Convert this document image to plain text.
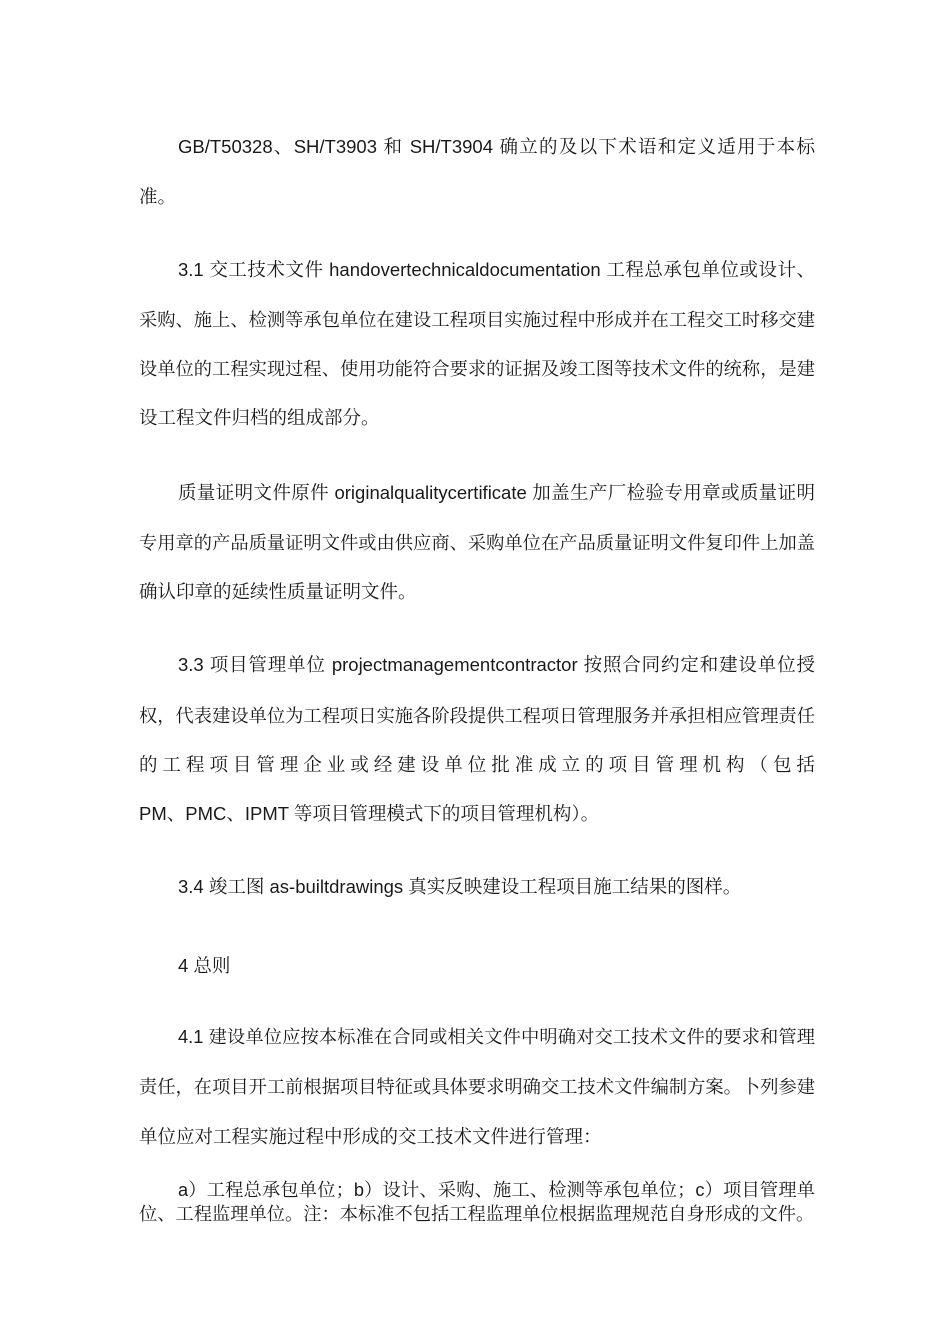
GB/T50328、SH/T3903 和 SH/T3904 确立的及以下术语和定义适用于本标
准。
3.1 交工技术文件 handovertechnicaldocumentation 工程总承包单位或设计、
采购、施上、检测等承包单位在建设工程项目实施过程中形成并在工程交工时移交建
设单位的工程实现过程、使用功能符合要求的证据及竣工图等技术文件的统称，是建
设工程文件归档的组成部分。
质量证明文件原件 originalqualitycertificate 加盖生产厂检验专用章或质量证明
专用章的产品质量证明文件或由供应商、采购单位在产品质量证明文件复印件上加盖
确认印章的延续性质量证明文件。
3.3 项目管理单位 projectmanagementcontractor 按照合同约定和建设单位授
权，代表建设单位为工程项日实施各阶段提供工程项日管理服务并承担相应管理责任
的工程项目管理企业或经建设单位批准成立的项目管理机构（包括
PM、PMC、IPMT 等项目管理模式下的项目管理机构）。
3.4 竣工图 as-builtdrawings 真实反映建设工程项目施工结果的图样。
4 总则
4.1 建设单位应按本标准在合同或相关文件中明确对交工技术文件的要求和管理
责任，在项目开工前根据项目特征或具体要求明确交工技术文件编制方案。卜列参建
单位应对工程实施过程中形成的交工技术文件进行管理：
a）工程总承包单位；b）设计、采购、施工、检测等承包单位；c）项目管理单
位、工程监理单位。注：本标准不包括工程监理单位根据监理规范自身形成的文件。
